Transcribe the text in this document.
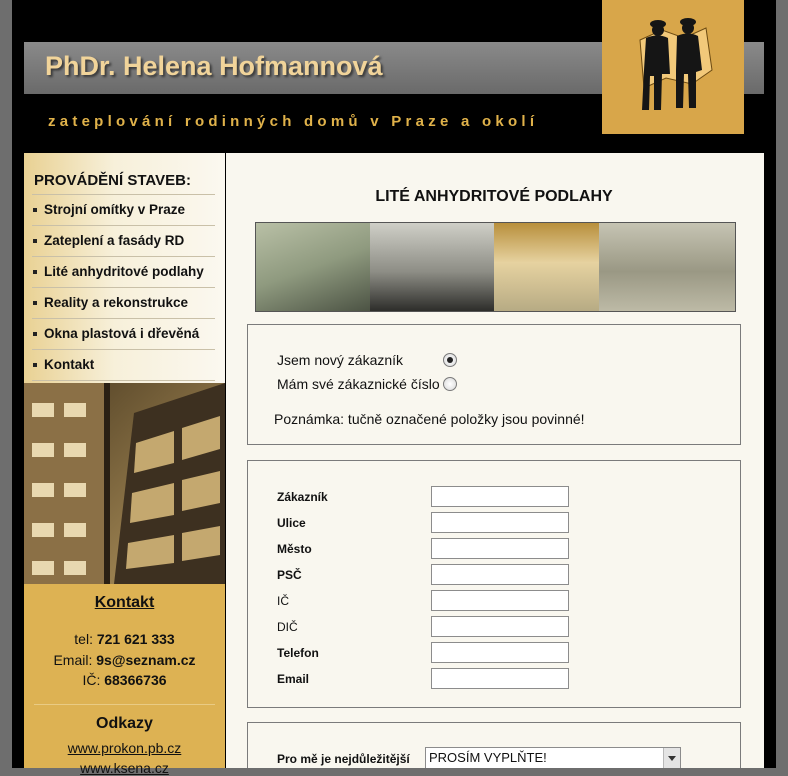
PhDr. Helena Hofmannová
zateplování rodinných domů v Praze a okolí
PROVÁDĚNÍ STAVEB:
Strojní omítky v Praze
Zateplení a fasády RD
Lité anhydritové podlahy
Reality a rekonstrukce
Okna plastová i dřevěná
Kontakt
Kontakt
tel: 721 621 333
Email: 9s@seznam.cz
IČ: 68366736
Odkazy
www.prokon.pb.cz
www.ksena.cz
LITÉ ANHYDRITOVÉ PODLAHY
Jsem nový zákazník
Mám své zákaznické číslo
Poznámka: tučně označené položky jsou povinné!
Zákazník
Ulice
Město
PSČ
IČ
DIČ
Telefon
Email
Pro mě je nejdůležitější PROSÍM VYPLŇTE!
